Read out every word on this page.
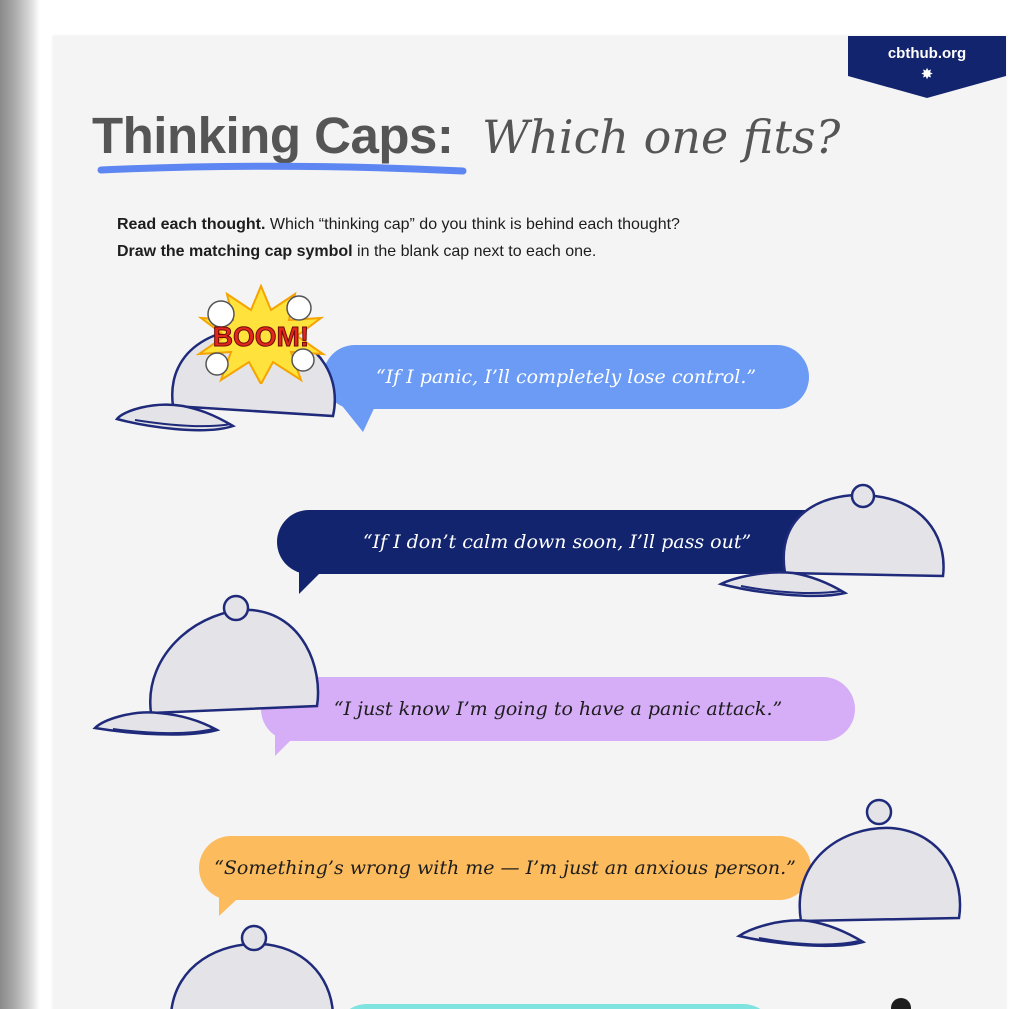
cbthub.org
✸
Thinking Caps: Which one fits?
Read each thought. Which “thinking cap” do you think is behind each thought?
Draw the matching cap symbol in the blank cap next to each one.
“If I panic, I’ll completely lose control.”
BOOM!
“If I don’t calm down soon, I’ll pass out”
“I just know I’m going to have a panic attack.”
“Something’s wrong with me — I’m just an anxious person.”
